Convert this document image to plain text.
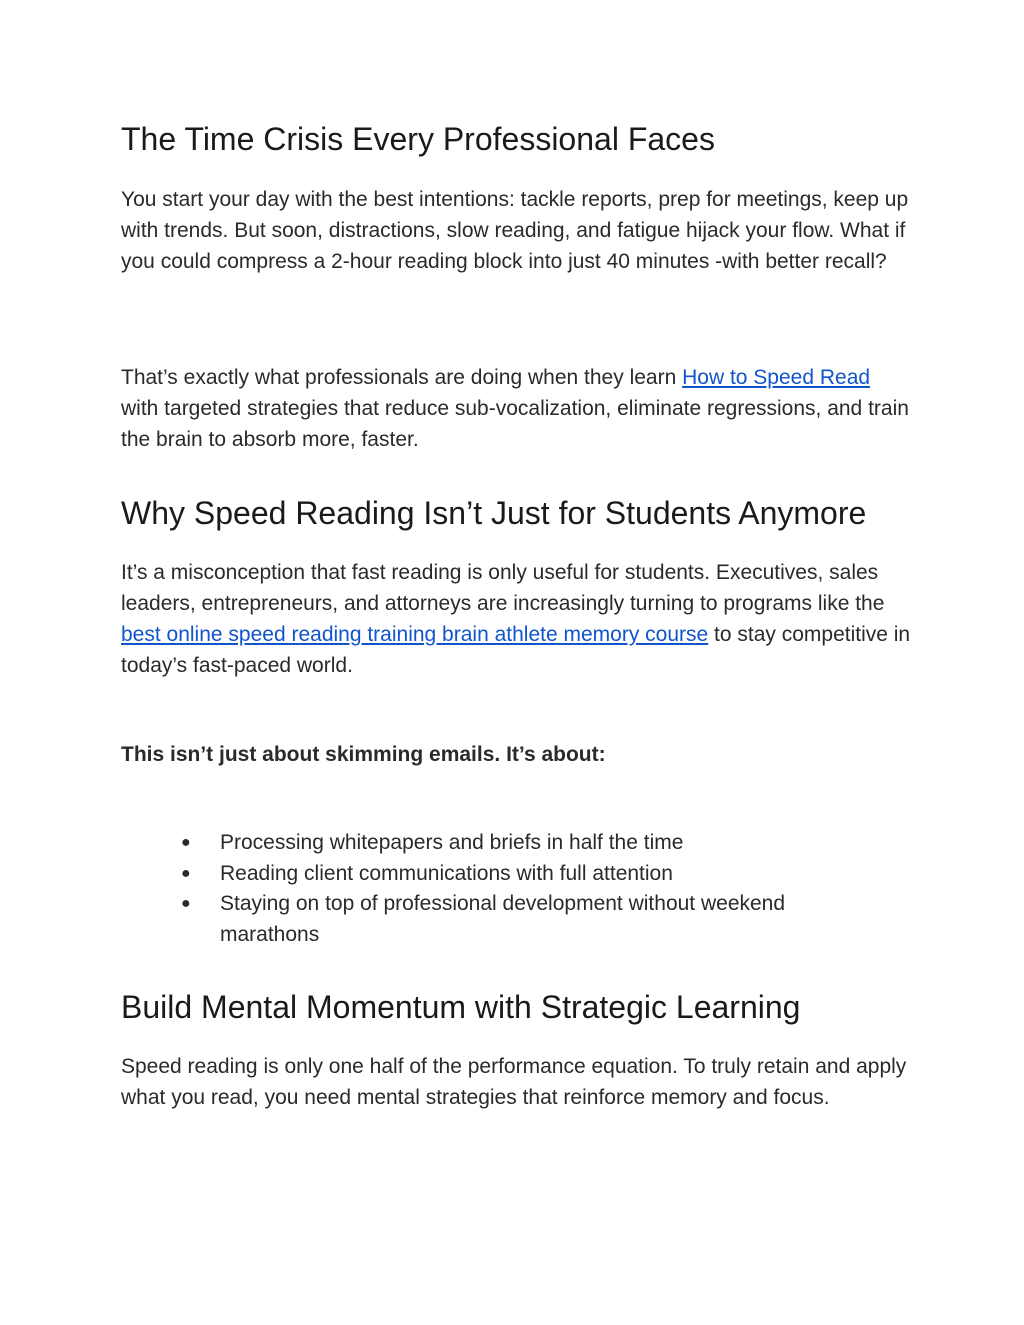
The Time Crisis Every Professional Faces

You start your day with the best intentions: tackle reports, prep for meetings, keep up with trends. But soon, distractions, slow reading, and fatigue hijack your flow. What if you could compress a 2-hour reading block into just 40 minutes -with better recall?

That’s exactly what professionals are doing when they learn How to Speed Read with targeted strategies that reduce sub-vocalization, eliminate regressions, and train the brain to absorb more, faster.

Why Speed Reading Isn’t Just for Students Anymore

It’s a misconception that fast reading is only useful for students. Executives, sales leaders, entrepreneurs, and attorneys are increasingly turning to programs like the best online speed reading training brain athlete memory course to stay competitive in today’s fast-paced world.

This isn’t just about skimming emails. It’s about:

● Processing whitepapers and briefs in half the time
● Reading client communications with full attention
● Staying on top of professional development without weekend marathons
Build Mental Momentum with Strategic Learning

Speed reading is only one half of the performance equation. To truly retain and apply what you read, you need mental strategies that reinforce memory and focus.
